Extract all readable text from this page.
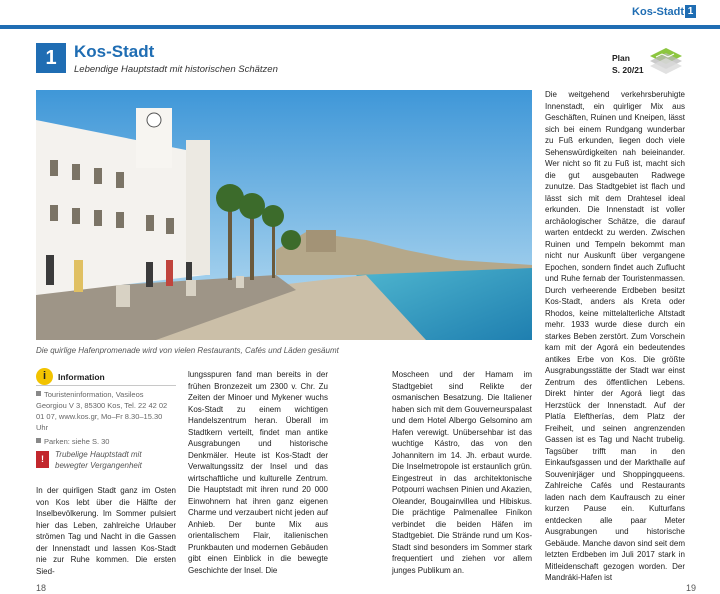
Kos-Stadt 1
1	Kos-Stadt
Lebendige Hauptstadt mit historischen Schätzen
Plan
S. 20/21
Die quirlige Hafenpromenade wird von vielen Restaurants, Cafés und Läden gesäumt
i	Information
Touristeninformation, Vasileos Georgiou V 3, 85300 Kos, Tel. 22 42 02 01 07, www.kos.gr, Mo–Fr 8.30–15.30 Uhr
Parken: siehe S. 30
!	Trubelige Hauptstadt mit bewegter Vergangenheit
In der quirligen Stadt ganz im Osten von Kos lebt über die Hälfte der Inselbevölkerung. Im Sommer pulsiert hier das Leben, zahlreiche Urlauber strömen Tag und Nacht in die Gassen der Innenstadt und lassen Kos-Stadt nie zur Ruhe kommen. Die ersten Sied-
lungsspuren fand man bereits in der frühen Bronzezeit um 2300 v. Chr. Zu Zeiten der Minoer und Mykener wuchs Kos-Stadt zu einem wichtigen Handelszentrum heran. Überall im Stadtkern verteilt, findet man antike Ausgrabungen und historische Denkmäler. Heute ist Kos-Stadt der Verwaltungssitz der Insel und das wirtschaftliche und kulturelle Zentrum. Die Hauptstadt mit ihren rund 20 000 Einwohnern hat ihren ganz eigenen Charme und verzaubert nicht jeden auf Anhieb. Der bunte Mix aus orientalischem Flair, italienischen Prunkbauten und modernen Gebäuden gibt einen Einblick in die bewegte Geschichte der Insel. Die
Moscheen und der Hamam im Stadtgebiet sind Relikte der osmanischen Besatzung. Die Italiener haben sich mit dem Gouverneurspalast und dem Hotel Albergo Gelsomino am Hafen verewigt. Unübersehbar ist das wuchtige Kástro, das von den Johannitern im 14. Jh. erbaut wurde. Die Inselmetropole ist erstaunlich grün. Eingestreut in das architektonische Potpourri wachsen Pinien und Akazien, Oleander, Bougainvillea und Hibiskus. Die prächtige Palmenallee Finíkon verbindet die beiden Häfen im Stadtgebiet. Die Strände rund um Kos-Stadt sind besonders im Sommer stark frequentiert und ziehen vor allem junges Publikum an.
Die weitgehend verkehrsberuhigte Innenstadt, ein quirliger Mix aus Geschäften, Ruinen und Kneipen, lässt sich bei einem Rundgang wunderbar zu Fuß erkunden, liegen doch viele Sehenswürdigkeiten nah beieinander. Wer nicht so fit zu Fuß ist, macht sich die gut ausgebauten Radwege zunutze. Das Stadtgebiet ist flach und lässt sich mit dem Drahtesel ideal erkunden. Die Innenstadt ist voller archäologischer Schätze, die darauf warten entdeckt zu werden. Zwischen Ruinen und Tempeln bekommt man nicht nur Auskunft über vergangene Epochen, sondern findet auch Zuflucht und Ruhe fernab der Touristenmassen. Durch verheerende Erdbeben besitzt Kos-Stadt, anders als Kreta oder Rhodos, keine mittelalterliche Altstadt mehr. 1933 wurde diese durch ein starkes Beben zerstört. Zum Vorschein kam mit der Agorá ein bedeutendes antikes Erbe von Kos. Die größte Ausgrabungsstätte der Stadt war einst Zentrum des öffentlichen Lebens. Direkt hinter der Agorá liegt das Herzstück der Innenstadt. Auf der Platía Eleftherías, dem Platz der Freiheit, und seinen angrenzenden Gassen ist es Tag und Nacht trubelig. Tagsüber trifft man in den Einkaufsgassen und der Markthalle auf Souvenirjäger und Shoppingqueens. Zahlreiche Cafés und Restaurants laden nach dem Kaufrausch zu einer kurzen Pause ein. Kulturfans entdecken alle paar Meter Ausgrabungen und historische Gebäude. Manche davon sind seit dem letzten Erdbeben im Juli 2017 stark in Mitleidenschaft gezogen worden. Der Mandráki-Hafen ist
18	19
